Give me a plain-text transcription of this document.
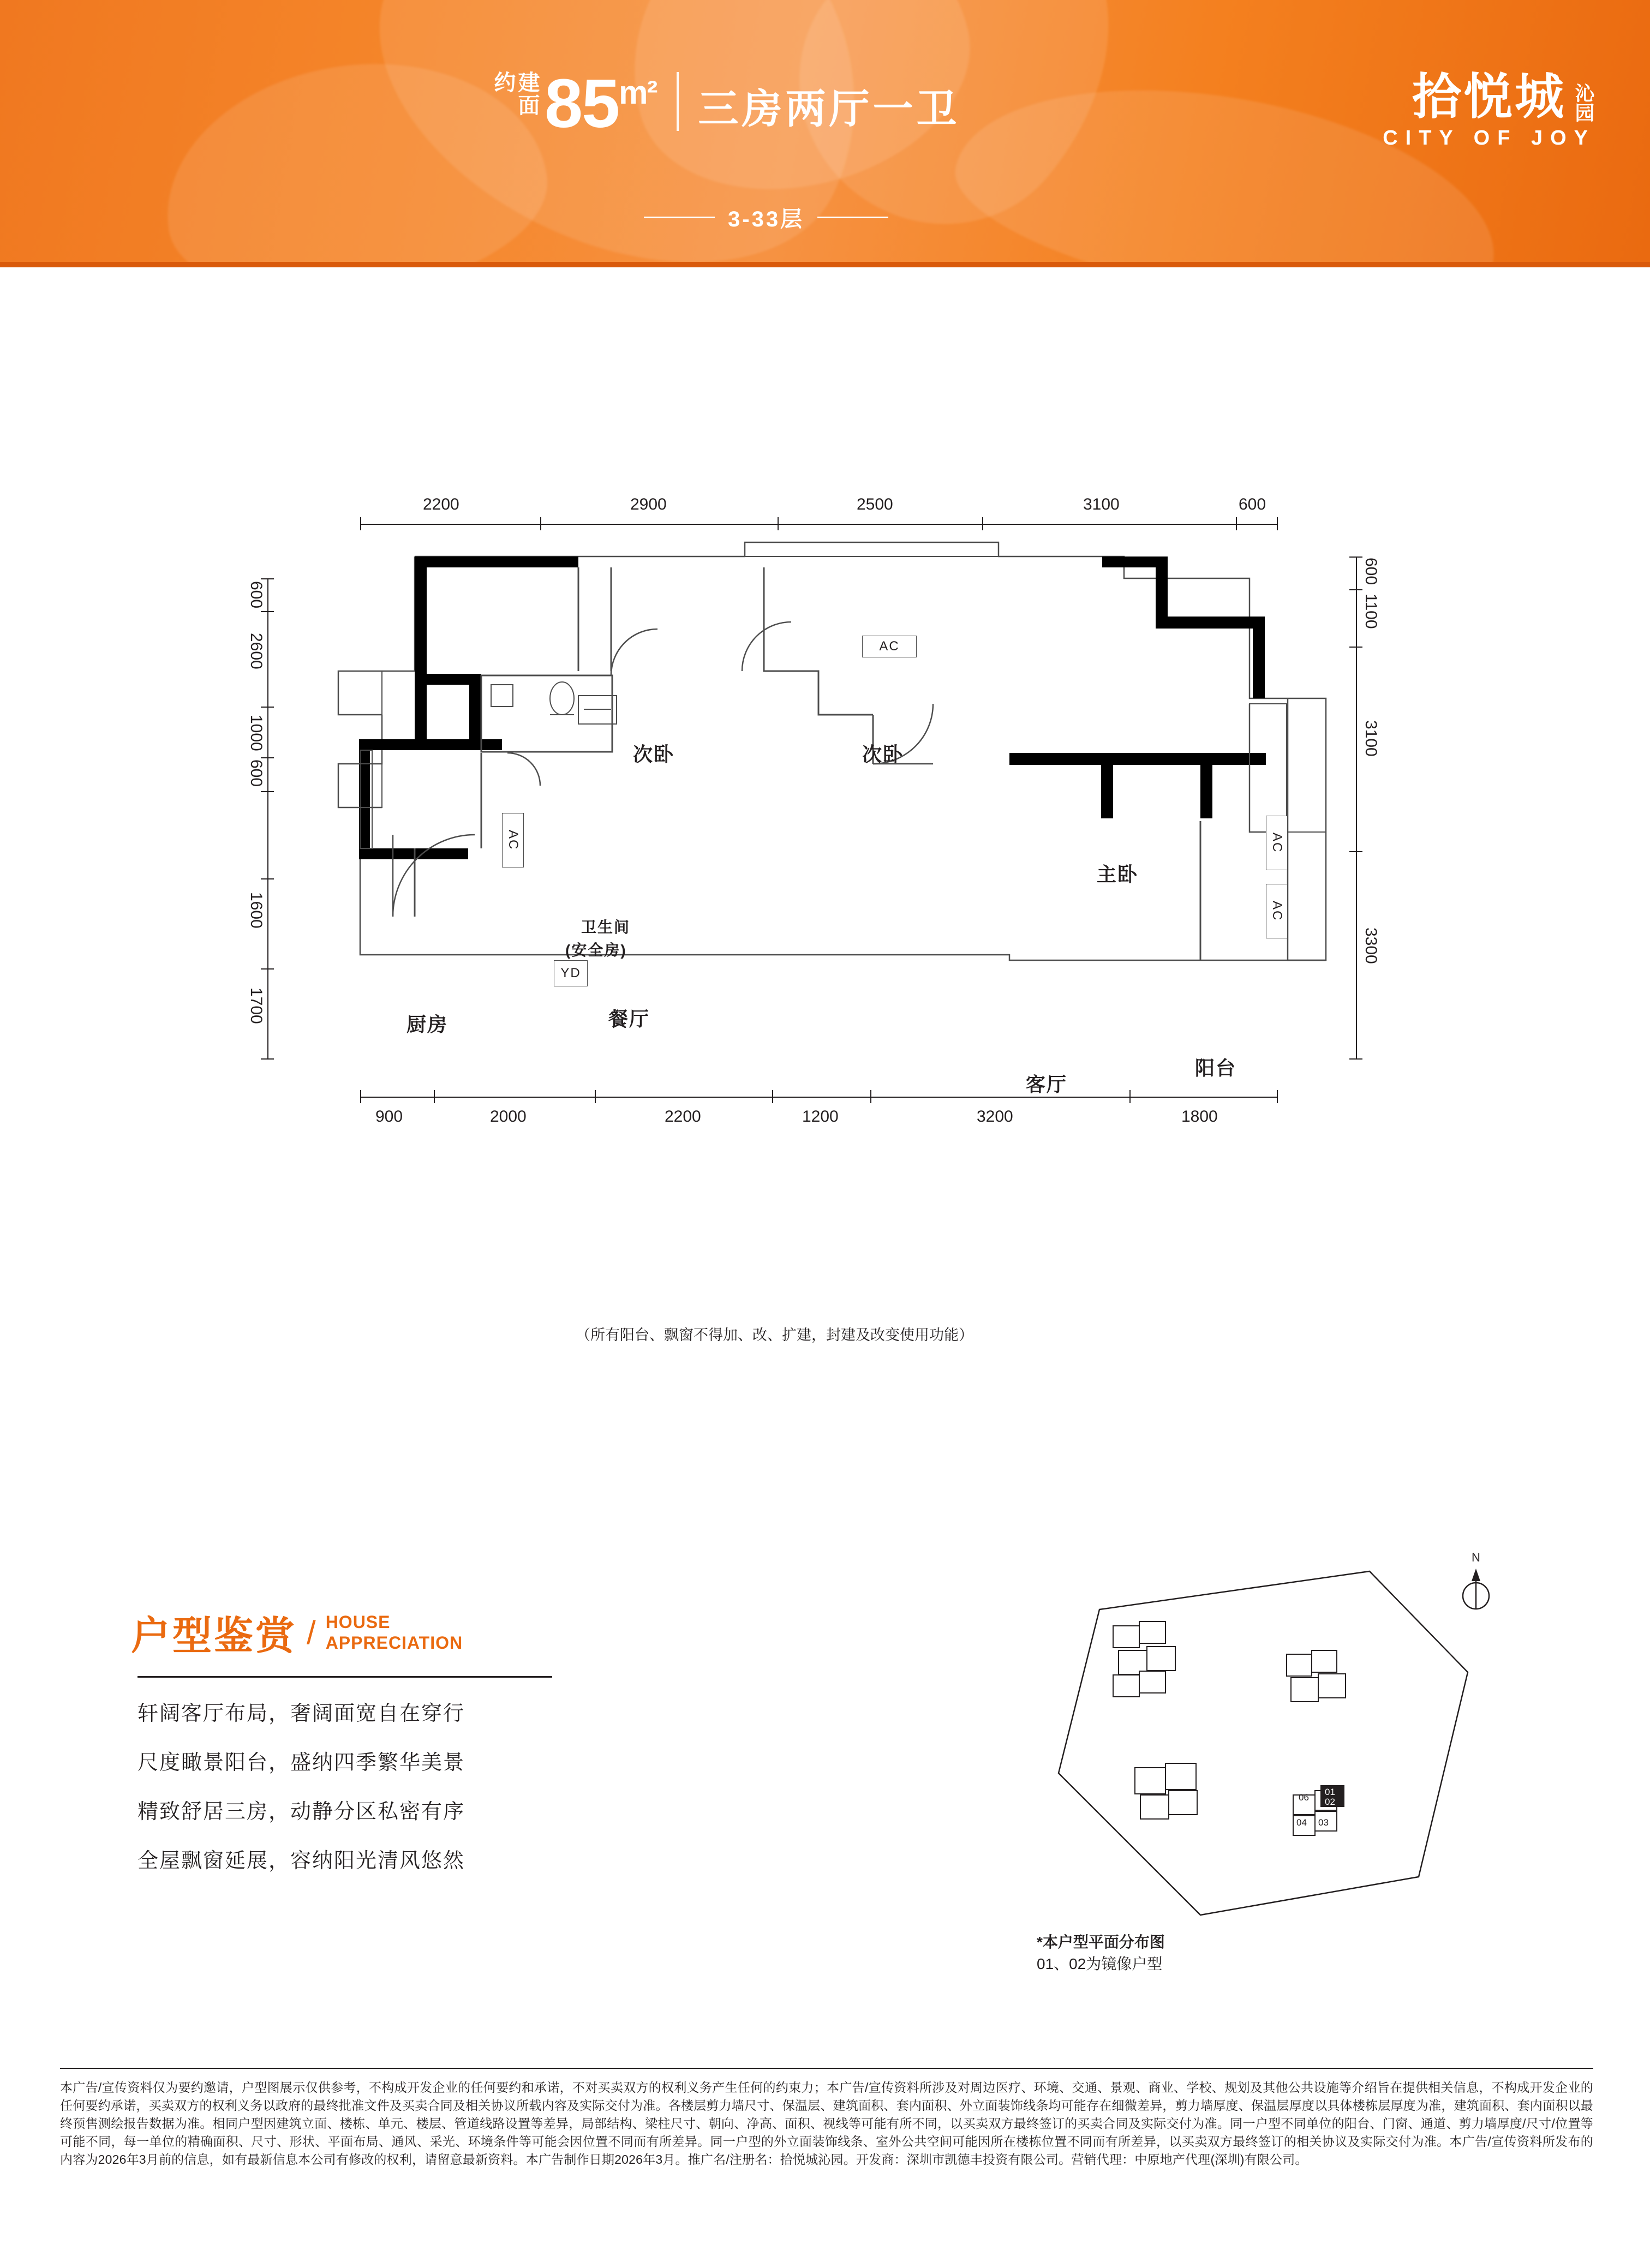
建面约 $85^{m^2}$ 三房两厅一卫
3-33层
拾悦城 沁园
CITY OF JOY
2200	2900	2500	3100	600
600
2600
1000
600
1600
1700
600
1100
3100
3300
900	2000	2200	1200	3200	1800
次卧	次卧
主卧
卫生间
(安全房)
厨房	餐厅
客厅
阳台
AC
AC
AC
AC
YD
（所有阳台、飘窗不得加、改、扩建，封建及改变使用功能）
户型鉴赏 / HOUSE
APPRECIATION

轩阔客厅布局，奢阔面宽自在穿行

尺度瞰景阳台，盛纳四季繁华美景

精致舒居三房，动静分区私密有序

全屋飘窗延展，容纳阳光清风悠然

N
06
04 03
01
02
*本户型平面分布图
01、02为镜像户型

本广告/宣传资料仅为要约邀请，户型图展示仅供参考，不构成开发企业的任何要约和承诺，不对买卖双方的权利义务产生任何的约束力；本广告/宣传资料所涉及对周边医疗、环境、交通、景观、商业、学校、规划及其他公共设施等介绍旨在提供相关信息，不构成开发企业的任何要约承诺，买卖双方的权利义务以政府的最终批准文件及买卖合同及相关协议所载内容及实际交付为准。各楼层剪力墙尺寸、保温层、建筑面积、套内面积、外立面装饰线条均可能存在细微差异，剪力墙厚度、保温层厚度以具体楼栋层厚度为准，建筑面积、套内面积以最终预售测绘报告数据为准。相同户型因建筑立面、楼栋、单元、楼层、管道线路设置等差异，局部结构、梁柱尺寸、朝向、净高、面积、视线等可能有所不同，以买卖双方最终签订的买卖合同及实际交付为准。同一户型不同单位的阳台、门窗、通道、剪力墙厚度/尺寸/位置等可能不同，每一单位的精确面积、尺寸、形状、平面布局、通风、采光、环境条件等可能会因位置不同而有所差异。同一户型的外立面装饰线条、室外公共空间可能因所在楼栋位置不同而有所差异，以买卖双方最终签订的相关协议及实际交付为准。本广告/宣传资料所发布的内容为2026年3月前的信息，如有最新信息本公司有修改的权利，请留意最新资料。本广告制作日期2026年3月。推广名/注册名：拾悦城沁园。开发商：深圳市凯德丰投资有限公司。营销代理：中原地产代理(深圳)有限公司。
